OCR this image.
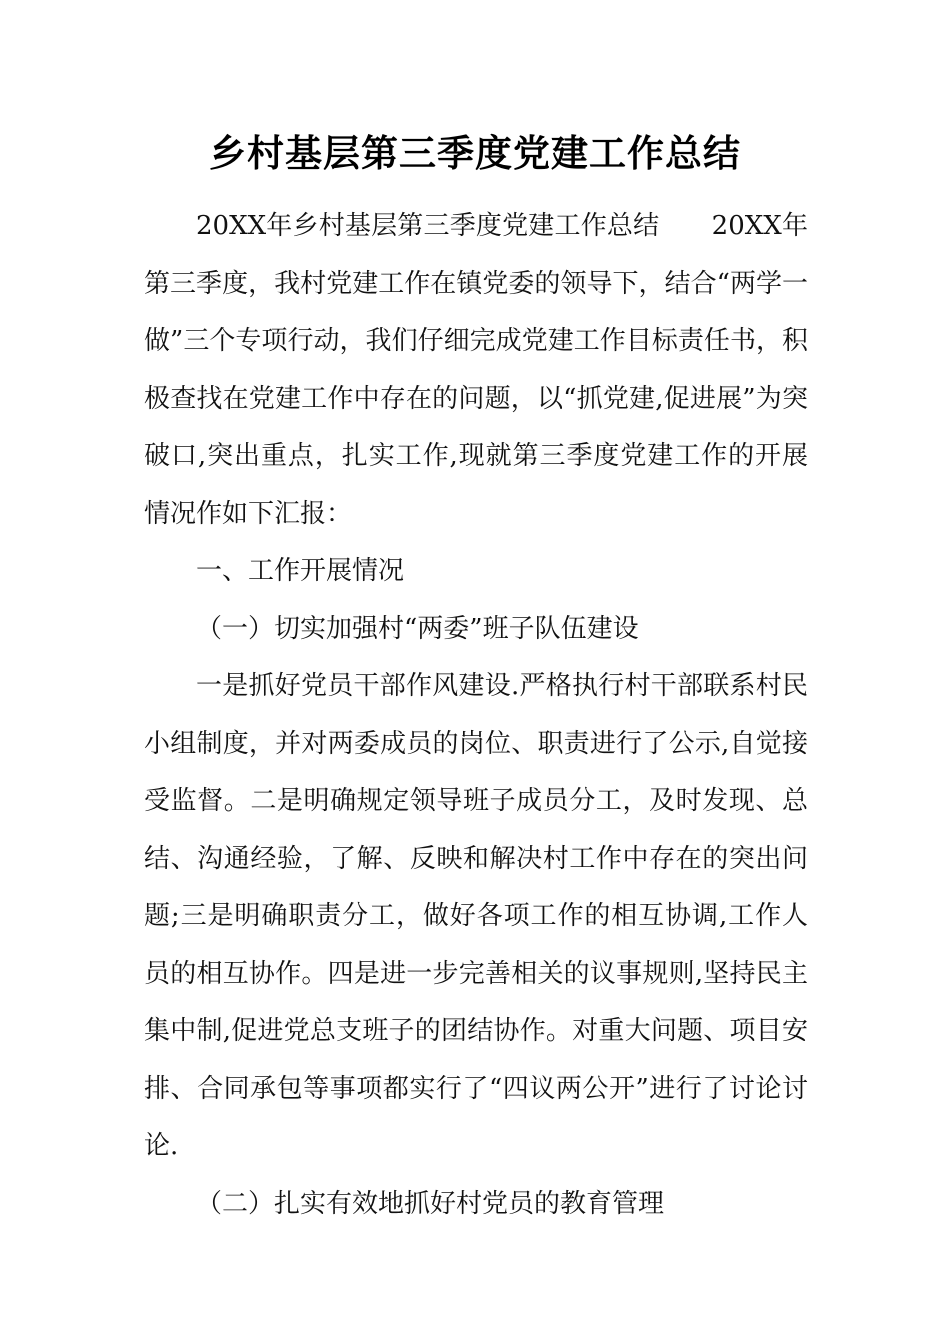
乡村基层第三季度党建工作总结

20XX年乡村基层第三季度党建工作总结　　20XX年第三季度，我村党建工作在镇党委的领导下，结合“两学一做”三个专项行动，我们仔细完成党建工作目标责任书，积极查找在党建工作中存在的问题，以“抓党建,促进展”为突破口,突出重点，扎实工作,现就第三季度党建工作的开展情况作如下汇报：

一、工作开展情况

（一）切实加强村“两委”班子队伍建设

一是抓好党员干部作风建设.严格执行村干部联系村民小组制度，并对两委成员的岗位、职责进行了公示,自觉接受监督。二是明确规定领导班子成员分工，及时发现、总结、沟通经验，了解、反映和解决村工作中存在的突出问题;三是明确职责分工，做好各项工作的相互协调,工作人员的相互协作。四是进一步完善相关的议事规则,坚持民主集中制,促进党总支班子的团结协作。对重大问题、项目安排、合同承包等事项都实行了“四议两公开”进行了讨论讨论.

（二）扎实有效地抓好村党员的教育管理
